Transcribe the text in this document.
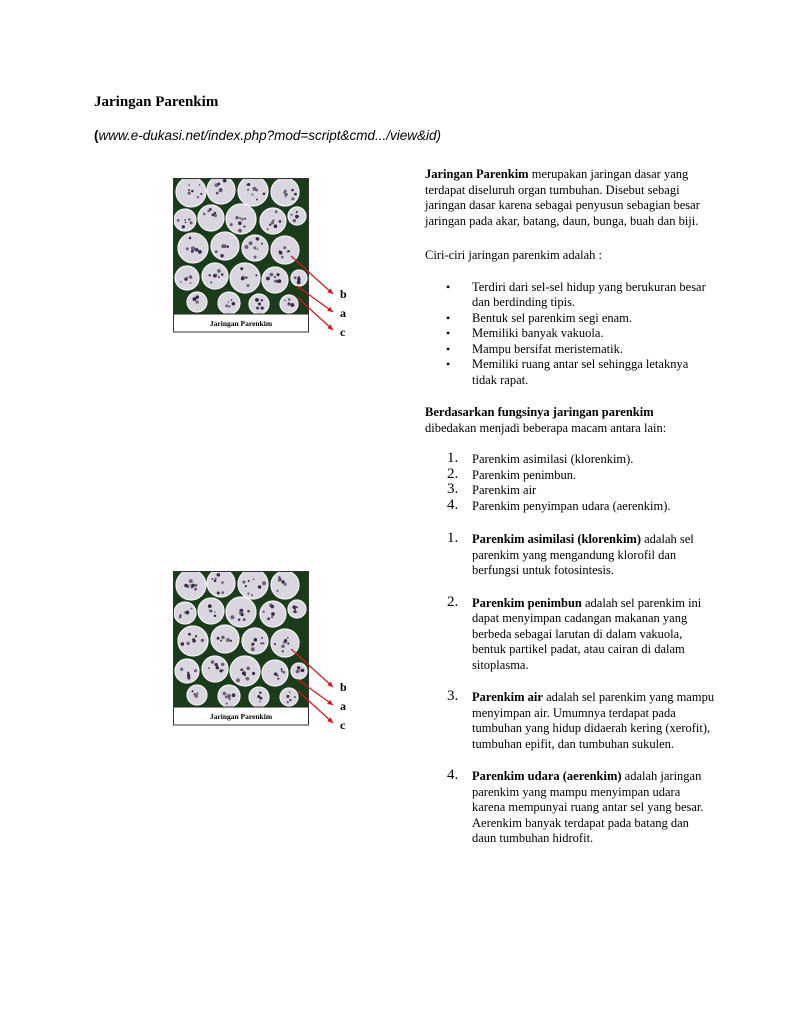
Jaringan Parenkim

(www.e-dukasi.net/index.php?mod=script&cmd.../view&id)

Jaringan Parenkim
b
a
c
Jaringan Parenkim
b
a
c

Jaringan Parenkim merupakan jaringan dasar yang terdapat diseluruh organ tumbuhan. Disebut sebagi jaringan dasar karena sebagai penyusun sebagian besar jaringan pada akar, batang, daun, bunga, buah dan biji.

Ciri-ciri jaringan parenkim adalah :

• Terdiri dari sel-sel hidup yang berukuran besar dan berdinding tipis.
• Bentuk sel parenkim segi enam.
• Memiliki banyak vakuola.
• Mampu bersifat meristematik.
• Memiliki ruang antar sel sehingga letaknya tidak rapat.

Berdasarkan fungsinya jaringan parenkim
dibedakan menjadi beberapa macam antara lain:

1. Parenkim asimilasi (klorenkim).
2. Parenkim penimbun.
3. Parenkim air
4. Parenkim penyimpan udara (aerenkim).
1. Parenkim asimilasi (klorenkim) adalah sel parenkim yang mengandung klorofil dan berfungsi untuk fotosintesis.
2. Parenkim penimbun adalah sel parenkim ini dapat menyimpan cadangan makanan yang berbeda sebagai larutan di dalam vakuola, bentuk partikel padat, atau cairan di dalam sitoplasma.
3. Parenkim air adalah sel parenkim yang mampu menyimpan air. Umumnya terdapat pada tumbuhan yang hidup didaerah kering (xerofit), tumbuhan epifit, dan tumbuhan sukulen.
4. Parenkim udara (aerenkim) adalah jaringan parenkim yang mampu menyimpan udara karena mempunyai ruang antar sel yang besar. Aerenkim banyak terdapat pada batang dan daun tumbuhan hidrofit.
